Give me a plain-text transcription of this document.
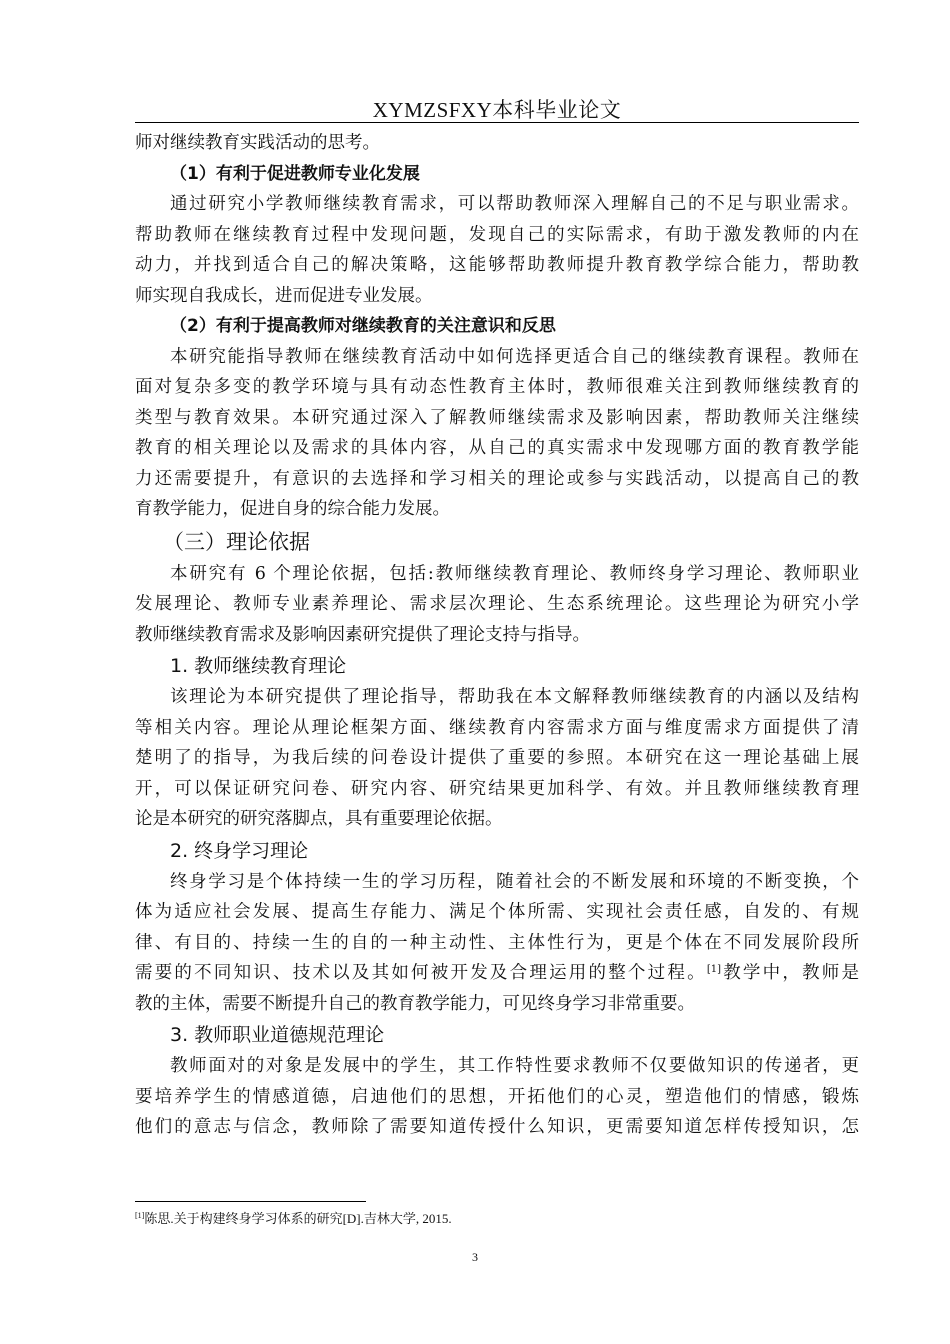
XYMZSFXY本科毕业论文
师对继续教育实践活动的思考。
（1）有利于促进教师专业化发展
通过研究小学教师继续教育需求，可以帮助教师深入理解自己的不足与职业需求。
帮助教师在继续教育过程中发现问题，发现自己的实际需求，有助于激发教师的内在
动力，并找到适合自己的解决策略，这能够帮助教师提升教育教学综合能力，帮助教
师实现自我成长，进而促进专业发展。
（2）有利于提高教师对继续教育的关注意识和反思
本研究能指导教师在继续教育活动中如何选择更适合自己的继续教育课程。教师在
面对复杂多变的教学环境与具有动态性教育主体时，教师很难关注到教师继续教育的
类型与教育效果。本研究通过深入了解教师继续需求及影响因素，帮助教师关注继续
教育的相关理论以及需求的具体内容，从自己的真实需求中发现哪方面的教育教学能
力还需要提升，有意识的去选择和学习相关的理论或参与实践活动，以提高自己的教
育教学能力，促进自身的综合能力发展。
（三）理论依据
本研究有 6 个理论依据，包括:教师继续教育理论、教师终身学习理论、教师职业
发展理论、教师专业素养理论、需求层次理论、生态系统理论。这些理论为研究小学
教师继续教育需求及影响因素研究提供了理论支持与指导。
1. 教师继续教育理论
该理论为本研究提供了理论指导，帮助我在本文解释教师继续教育的内涵以及结构
等相关内容。理论从理论框架方面、继续教育内容需求方面与维度需求方面提供了清
楚明了的指导，为我后续的问卷设计提供了重要的参照。本研究在这一理论基础上展
开，可以保证研究问卷、研究内容、研究结果更加科学、有效。并且教师继续教育理
论是本研究的研究落脚点，具有重要理论依据。
2. 终身学习理论
终身学习是个体持续一生的学习历程，随着社会的不断发展和环境的不断变换，个
体为适应社会发展、提高生存能力、满足个体所需、实现社会责任感，自发的、有规
律、有目的、持续一生的自的一种主动性、主体性行为，更是个体在不同发展阶段所
需要的不同知识、技术以及其如何被开发及合理运用的整个过程。[1]教学中，教师是
教的主体，需要不断提升自己的教育教学能力，可见终身学习非常重要。
3. 教师职业道德规范理论
教师面对的对象是发展中的学生，其工作特性要求教师不仅要做知识的传递者，更
要培养学生的情感道德，启迪他们的思想，开拓他们的心灵，塑造他们的情感，锻炼
他们的意志与信念，教师除了需要知道传授什么知识，更需要知道怎样传授知识，怎
[1]陈思.关于构建终身学习体系的研究[D].吉林大学, 2015.
3
